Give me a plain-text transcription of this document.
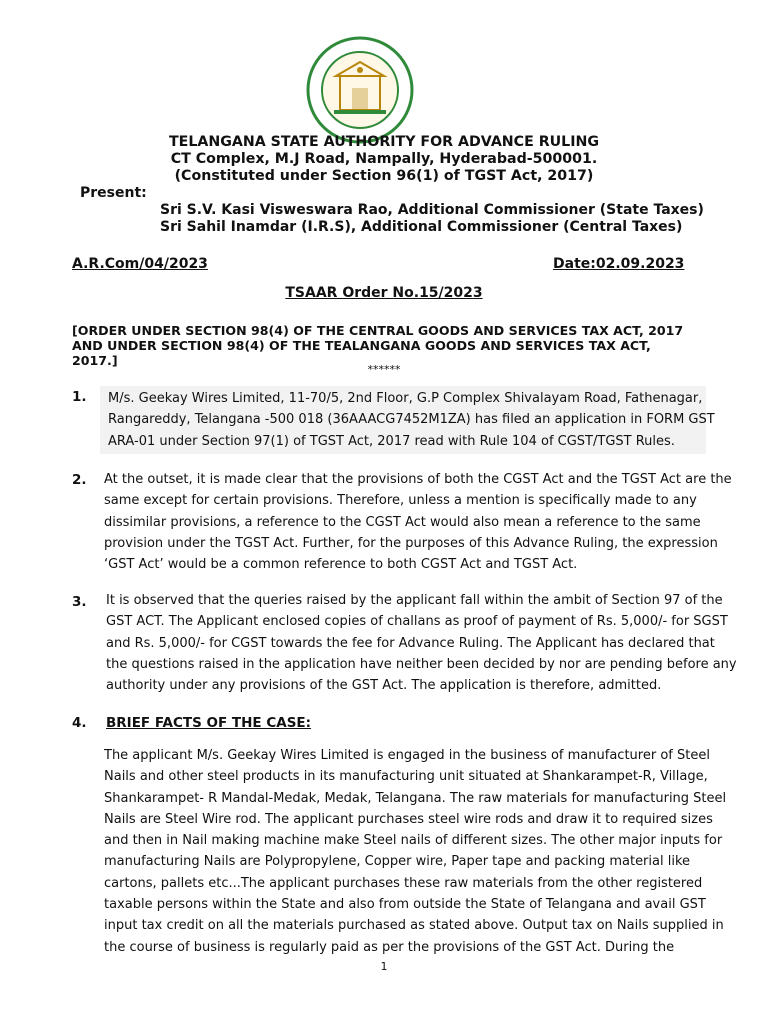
TELANGANA STATE AUTHORITY FOR ADVANCE RULING
CT Complex, M.J Road, Nampally, Hyderabad-500001.
(Constituted under Section 96(1) of TGST Act, 2017)
Present:
Sri S.V. Kasi Visweswara Rao, Additional Commissioner (State Taxes)
Sri Sahil Inamdar (I.R.S), Additional Commissioner (Central Taxes)
A.R.Com/04/2023	Date:02.09.2023
TSAAR Order No.15/2023
[ORDER UNDER SECTION 98(4) OF THE CENTRAL GOODS AND SERVICES TAX ACT, 2017
AND UNDER SECTION 98(4) OF THE TEALANGANA GOODS AND SERVICES TAX ACT,
2017.]
******
1. M/s. Geekay Wires Limited, 11-70/5, 2nd Floor, G.P Complex Shivalayam Road, Fathenagar,
Rangareddy, Telangana -500 018 (36AAACG7452M1ZA) has filed an application in FORM GST
ARA-01 under Section 97(1) of TGST Act, 2017 read with Rule 104 of CGST/TGST Rules.
2. At the outset, it is made clear that the provisions of both the CGST Act and the TGST Act are the
same except for certain provisions. Therefore, unless a mention is specifically made to any
dissimilar provisions, a reference to the CGST Act would also mean a reference to the same
provision under the TGST Act. Further, for the purposes of this Advance Ruling, the expression
‘GST Act’ would be a common reference to both CGST Act and TGST Act.
3. It is observed that the queries raised by the applicant fall within the ambit of Section 97 of the
GST ACT. The Applicant enclosed copies of challans as proof of payment of Rs. 5,000/- for SGST
and Rs. 5,000/- for CGST towards the fee for Advance Ruling. The Applicant has declared that
the questions raised in the application have neither been decided by nor are pending before any
authority under any provisions of the GST Act. The application is therefore, admitted.
4. BRIEF FACTS OF THE CASE:
The applicant M/s. Geekay Wires Limited is engaged in the business of manufacturer of Steel
Nails and other steel products in its manufacturing unit situated at Shankarampet-R, Village,
Shankarampet- R Mandal-Medak, Medak, Telangana. The raw materials for manufacturing Steel
Nails are Steel Wire rod. The applicant purchases steel wire rods and draw it to required sizes
and then in Nail making machine make Steel nails of different sizes. The other major inputs for
manufacturing Nails are Polypropylene, Copper wire, Paper tape and packing material like
cartons, pallets etc...The applicant purchases these raw materials from the other registered
taxable persons within the State and also from outside the State of Telangana and avail GST
input tax credit on all the materials purchased as stated above. Output tax on Nails supplied in
the course of business is regularly paid as per the provisions of the GST Act. During the
1
